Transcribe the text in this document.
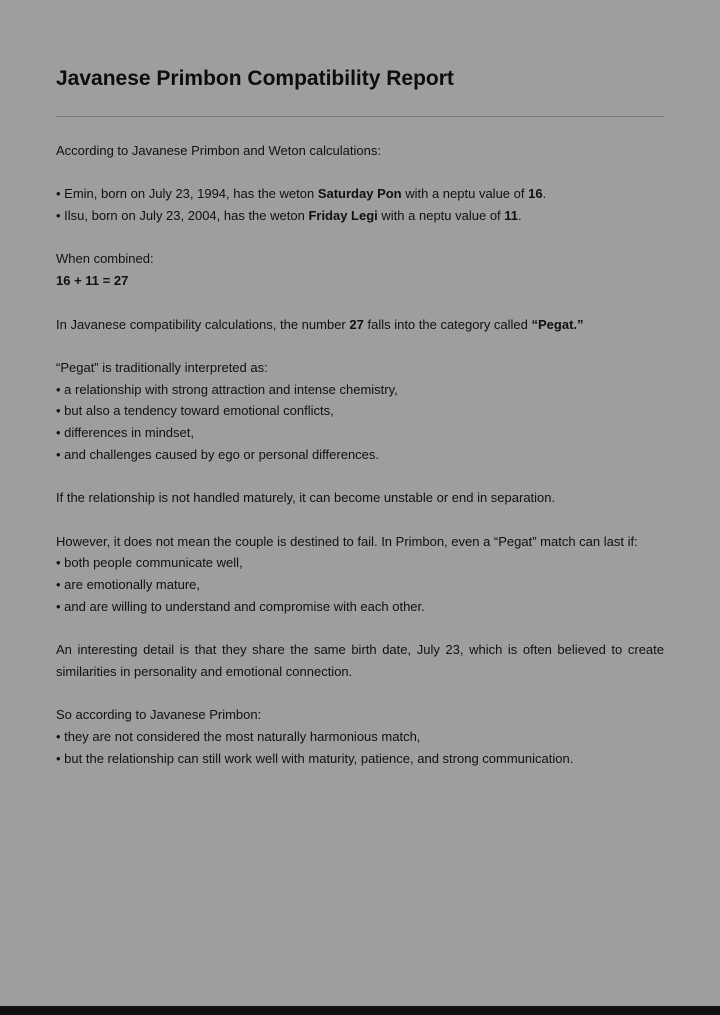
Javanese Primbon Compatibility Report

According to Javanese Primbon and Weton calculations:

• Emin, born on July 23, 1994, has the weton Saturday Pon with a neptu value of 16.
• Ilsu, born on July 23, 2004, has the weton Friday Legi with a neptu value of 11.

When combined:
16 + 11 = 27

In Javanese compatibility calculations, the number 27 falls into the category called “Pegat.”

“Pegat” is traditionally interpreted as:
• a relationship with strong attraction and intense chemistry,
• but also a tendency toward emotional conflicts,
• differences in mindset,
• and challenges caused by ego or personal differences.

If the relationship is not handled maturely, it can become unstable or end in separation.

However, it does not mean the couple is destined to fail. In Primbon, even a “Pegat” match can last if:
• both people communicate well,
• are emotionally mature,
• and are willing to understand and compromise with each other.

An interesting detail is that they share the same birth date, July 23, which is often believed to create similarities in personality and emotional connection.

So according to Javanese Primbon:
• they are not considered the most naturally harmonious match,
• but the relationship can still work well with maturity, patience, and strong communication.
